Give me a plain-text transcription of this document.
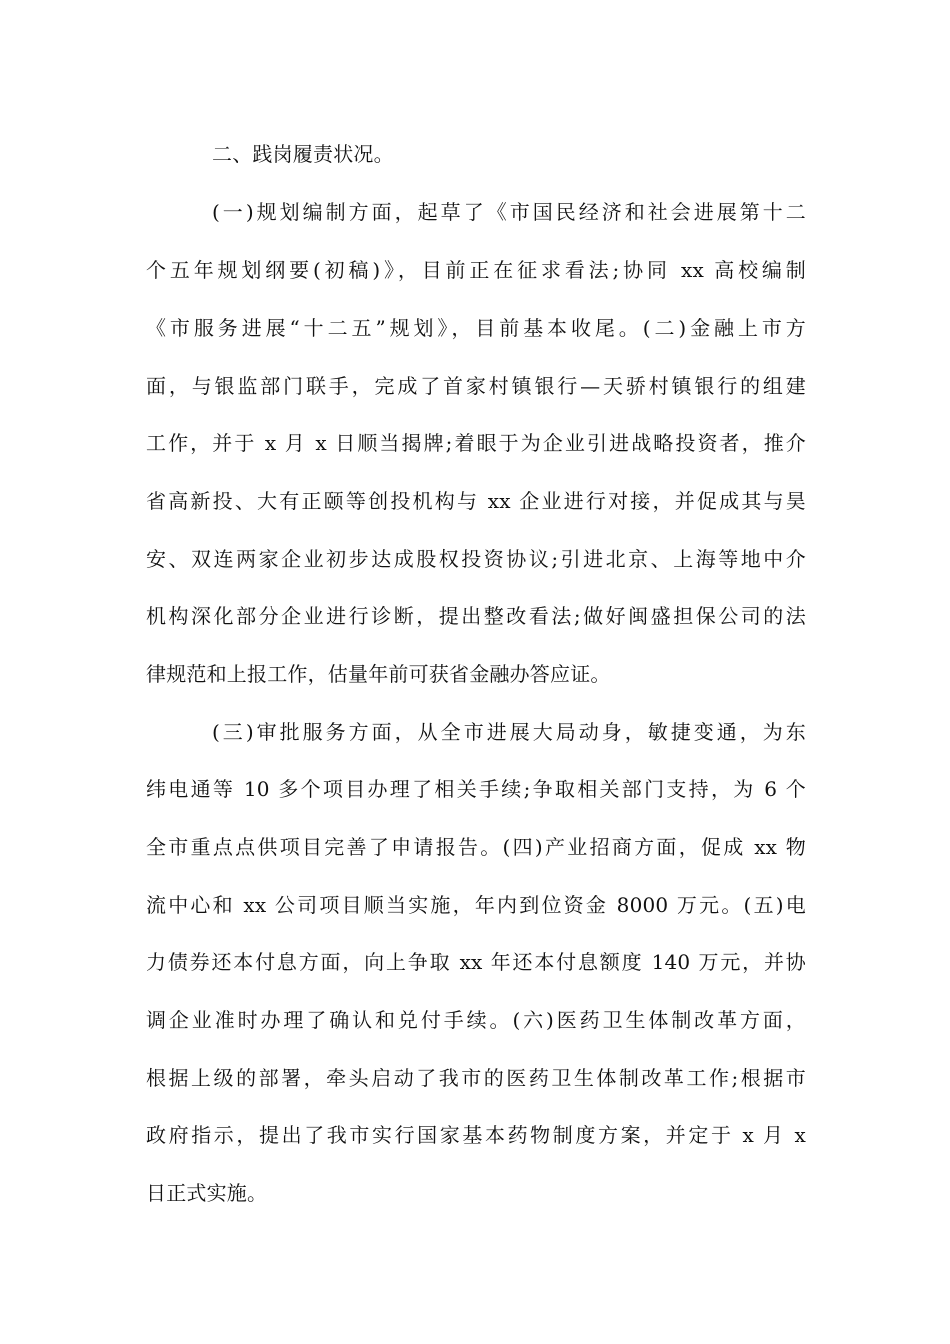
二、践岗履责状况。
(一)规划编制方面，起草了《市国民经济和社会进展第十二
个五年规划纲要(初稿)》，目前正在征求看法;协同 xx 高校编制
《市服务进展“十二五”规划》，目前基本收尾。(二)金融上市方
面，与银监部门联手，完成了首家村镇银行—天骄村镇银行的组建
工作，并于 x 月 x 日顺当揭牌;着眼于为企业引进战略投资者，推介
省高新投、大有正颐等创投机构与 xx 企业进行对接，并促成其与昊
安、双连两家企业初步达成股权投资协议;引进北京、上海等地中介
机构深化部分企业进行诊断，提出整改看法;做好闽盛担保公司的法
律规范和上报工作，估量年前可获省金融办答应证。
(三)审批服务方面，从全市进展大局动身，敏捷变通，为东
纬电通等 10 多个项目办理了相关手续;争取相关部门支持，为 6 个
全市重点点供项目完善了申请报告。(四)产业招商方面，促成 xx 物
流中心和 xx 公司项目顺当实施，年内到位资金 8000 万元。(五)电
力债券还本付息方面，向上争取 xx 年还本付息额度 140 万元，并协
调企业准时办理了确认和兑付手续。(六)医药卫生体制改革方面，
根据上级的部署，牵头启动了我市的医药卫生体制改革工作;根据市
政府指示，提出了我市实行国家基本药物制度方案，并定于 x 月 x
日正式实施。
